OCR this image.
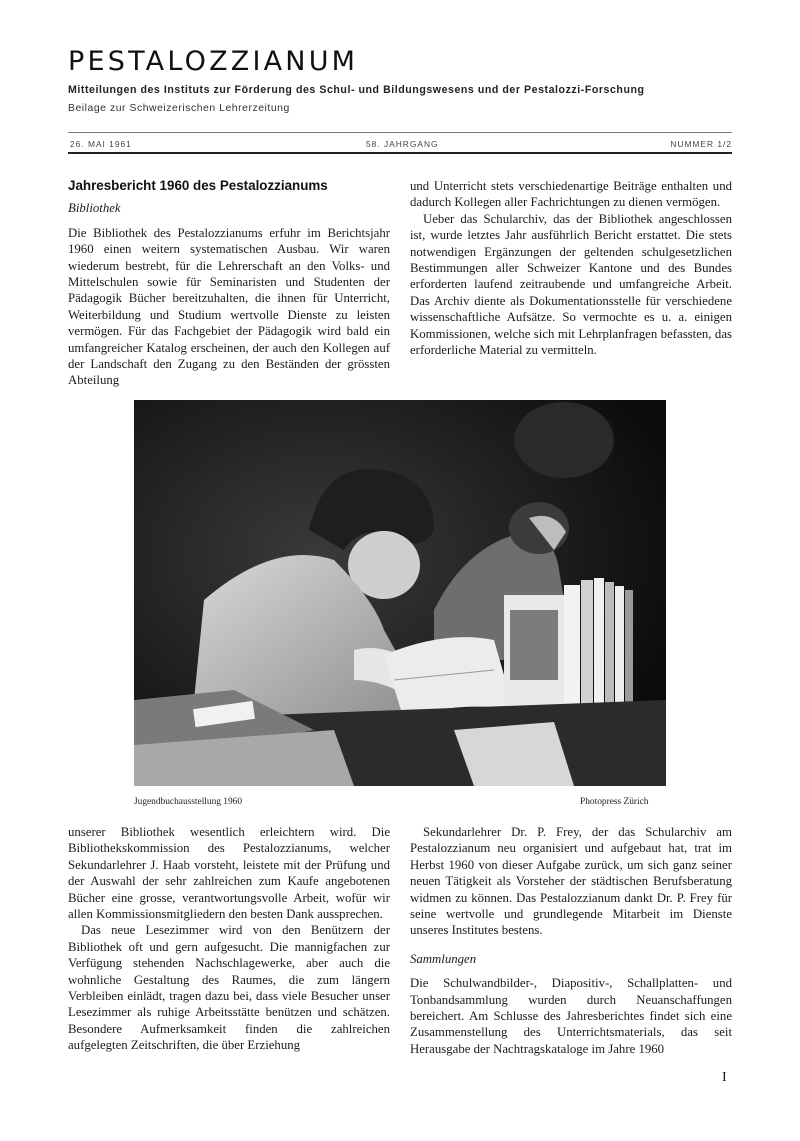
PESTALOZZIANUM
Mitteilungen des Instituts zur Förderung des Schul- und Bildungswesens und der Pestalozzi-Forschung
Beilage zur Schweizerischen Lehrerzeitung
26. MAI 1961	58. JAHRGANG	NUMMER 1/2
Jahresbericht 1960 des Pestalozzianums
Bibliothek

Die Bibliothek des Pestalozzianums erfuhr im Berichtsjahr 1960 einen weitern systematischen Ausbau. Wir waren wiederum bestrebt, für die Lehrerschaft an den Volks- und Mittelschulen sowie für Seminaristen und Studenten der Pädagogik Bücher bereitzuhalten, die ihnen für Unterricht, Weiterbildung und Studium wertvolle Dienste zu leisten vermögen. Für das Fachgebiet der Pädagogik wird bald ein umfangreicher Katalog erscheinen, der auch den Kollegen auf der Landschaft den Zugang zu den Beständen der grössten Abteilung

und Unterricht stets verschiedenartige Beiträge enthalten und dadurch Kollegen aller Fachrichtungen zu dienen vermögen.

Ueber das Schularchiv, das der Bibliothek angeschlossen ist, wurde letztes Jahr ausführlich Bericht erstattet. Die stets notwendigen Ergänzungen der geltenden schulgesetzlichen Bestimmungen aller Schweizer Kantone und des Bundes erforderten laufend zeitraubende und umfangreiche Arbeit. Das Archiv diente als Dokumentationsstelle für verschiedene wissenschaftliche Aufsätze. So vermochte es u. a. einigen Kommissionen, welche sich mit Lehrplanfragen befassten, das erforderliche Material zu vermitteln.

Jugendbuchausstellung 1960	Photopress Zürich

unserer Bibliothek wesentlich erleichtern wird. Die Bibliothekskommission des Pestalozzianums, welcher Sekundarlehrer J. Haab vorsteht, leistete mit der Prüfung und der Auswahl der sehr zahlreichen zum Kaufe angebotenen Bücher eine grosse, verantwortungsvolle Arbeit, wofür wir allen Kommissionsmitgliedern den besten Dank aussprechen.

Das neue Lesezimmer wird von den Benützern der Bibliothek oft und gern aufgesucht. Die mannigfachen zur Verfügung stehenden Nachschlagewerke, aber auch die wohnliche Gestaltung des Raumes, die zum längern Verbleiben einlädt, tragen dazu bei, dass viele Besucher unser Lesezimmer als ruhige Arbeitsstätte benützen und schätzen. Besondere Aufmerksamkeit finden die zahlreichen aufgelegten Zeitschriften, die über Erziehung

Sekundarlehrer Dr. P. Frey, der das Schularchiv am Pestalozzianum neu organisiert und aufgebaut hat, trat im Herbst 1960 von dieser Aufgabe zurück, um sich ganz seiner neuen Tätigkeit als Vorsteher der städtischen Berufsberatung widmen zu können. Das Pestalozzianum dankt Dr. P. Frey für seine wertvolle und grundlegende Mitarbeit im Dienste unseres Institutes bestens.

Sammlungen

Die Schulwandbilder-, Diapositiv-, Schallplatten- und Tonbandsammlung wurden durch Neuanschaffungen bereichert. Am Schlusse des Jahresberichtes findet sich eine Zusammenstellung des Unterrichtsmaterials, das seit Herausgabe der Nachtragskataloge im Jahre 1960

I
